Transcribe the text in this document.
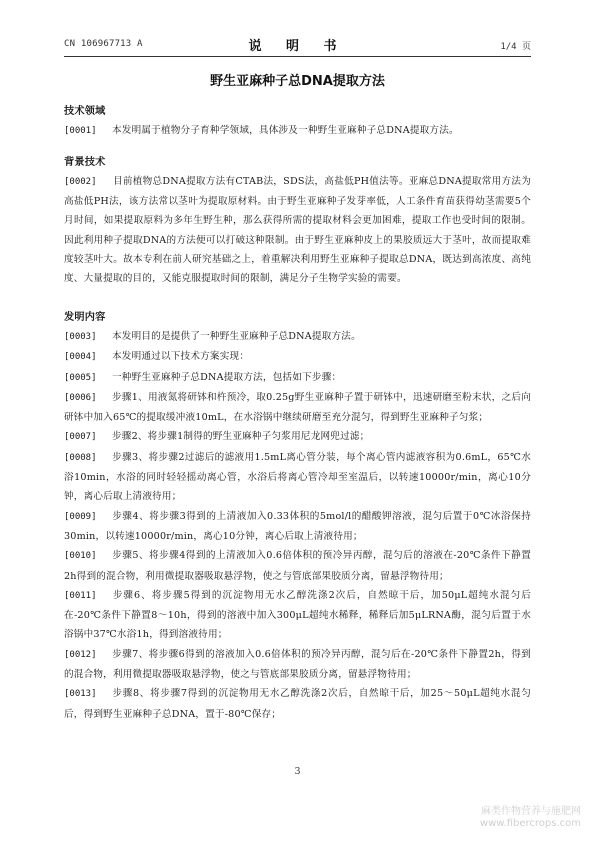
CN 106967713 A	说 明 书	1/4 页
野生亚麻种子总DNA提取方法
技术领域

[0001] 本发明属于植物分子育种学领域，具体涉及一种野生亚麻种子总DNA提取方法。

背景技术

[0002] 目前植物总DNA提取方法有CTAB法，SDS法，高盐低PH值法等。亚麻总DNA提取常用方法为高盐低PH法，该方法常以茎叶为提取原材料。由于野生亚麻种子发芽率低，人工条件育苗获得幼茎需要5个月时间，如果提取原料为多年生野生种，那么获得所需的提取材料会更加困难，提取工作也受时间的限制。因此利用种子提取DNA的方法便可以打破这种限制。由于野生亚麻种皮上的果胶质远大于茎叶，故而提取难度较茎叶大。故本专利在前人研究基础之上，着重解决利用野生亚麻种子提取总DNA，既达到高浓度、高纯度、大量提取的目的，又能克服提取时间的限制，满足分子生物学实验的需要。

发明内容

[0003] 本发明目的是提供了一种野生亚麻种子总DNA提取方法。

[0004] 本发明通过以下技术方案实现：

[0005] 一种野生亚麻种子总DNA提取方法，包括如下步骤：

[0006] 步骤1、用液氮将研钵和杵预冷，取0.25g野生亚麻种子置于研钵中，迅速研磨至粉末状，之后向研钵中加入65℃的提取缓冲液10mL，在水浴锅中继续研磨至充分混匀，得到野生亚麻种子匀浆；

[0007] 步骤2、将步骤1制得的野生亚麻种子匀浆用尼龙网兜过滤；

[0008] 步骤3、将步骤2过滤后的滤液用1.5mL离心管分装，每个离心管内滤液容积为0.6mL，65℃水浴10min，水浴的同时轻轻摇动离心管，水浴后将离心管冷却至室温后，以转速10000r/min，离心10分钟，离心后取上清液待用；

[0009] 步骤4、将步骤3得到的上清液加入0.33体积的5mol/l的醋酸钾溶液，混匀后置于0℃冰浴保持30min，以转速10000r/min，离心10分钟，离心后取上清液待用；

[0010] 步骤5、将步骤4得到的上清液加入0.6倍体积的预冷异丙醇，混匀后的溶液在-20℃条件下静置2h得到的混合物，利用微提取器吸取悬浮物，使之与管底部果胶质分离，留悬浮物待用；

[0011] 步骤6、将步骤5得到的沉淀物用无水乙醇洗涤2次后，自然晾干后，加50μL超纯水混匀后在-20℃条件下静置8～10h，得到的溶液中加入300μL超纯水稀释，稀释后加5μLRNA酶，混匀后置于水浴锅中37℃水浴1h，得到溶液待用；

[0012] 步骤7、将步骤6得到的溶液加入0.6倍体积的预冷异丙醇，混匀后在-20℃条件下静置2h，得到的混合物，利用微提取器吸取悬浮物，使之与管底部果胶质分离，留悬浮物待用；

[0013] 步骤8、将步骤7得到的沉淀物用无水乙醇洗涤2次后，自然晾干后，加25～50μL超纯水混匀后，得到野生亚麻种子总DNA，置于-80℃保存；

3
麻类作物营养与施肥网
www.fibercrops.com
